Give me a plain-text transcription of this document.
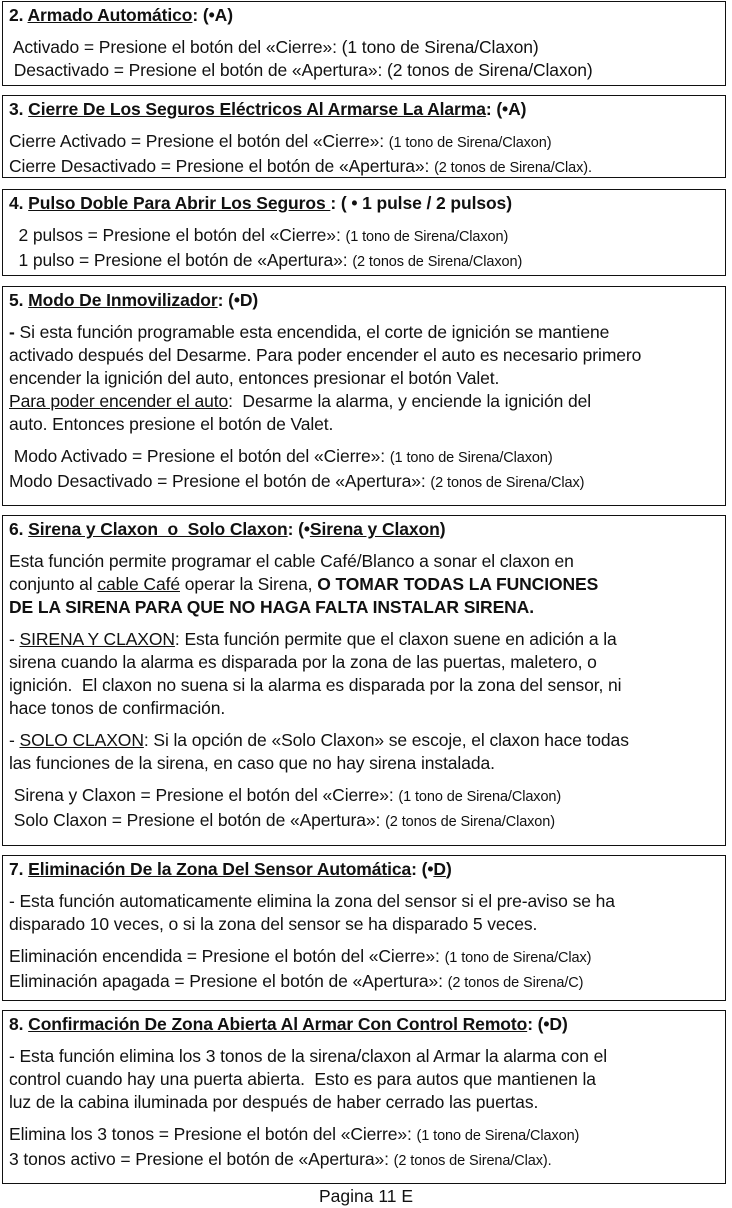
2. Armado Automático: (•A)
Activado = Presione el botón del «Cierre»: (1 tono de Sirena/Claxon)
Desactivado = Presione el botón de «Apertura»: (2 tonos de Sirena/Claxon)
3. Cierre De Los Seguros Eléctricos Al Armarse La Alarma: (•A)
Cierre Activado = Presione el botón del «Cierre»: (1 tono de Sirena/Claxon)
Cierre Desactivado = Presione el botón de «Apertura»: (2 tonos de Sirena/Clax).
4. Pulso Doble Para Abrir Los Seguros : ( • 1 pulse / 2 pulsos)
2 pulsos = Presione el botón del «Cierre»: (1 tono de Sirena/Claxon)
1 pulso = Presione el botón de «Apertura»: (2 tonos de Sirena/Claxon)
5. Modo De Inmovilizador: (•D)
- Si esta función programable esta encendida, el corte de ignición se mantiene
activado después del Desarme. Para poder encender el auto es necesario primero
encender la ignición del auto, entonces presionar el botón Valet.
Para poder encender el auto:  Desarme la alarma, y enciende la ignición del
auto. Entonces presione el botón de Valet.
Modo Activado = Presione el botón del «Cierre»: (1 tono de Sirena/Claxon)
Modo Desactivado = Presione el botón de «Apertura»: (2 tonos de Sirena/Clax)
6. Sirena y Claxon  o  Solo Claxon: (•Sirena y Claxon)
Esta función permite programar el cable Café/Blanco a sonar el claxon en
conjunto al cable Café operar la Sirena, O TOMAR TODAS LA FUNCIONES
DE LA SIRENA PARA QUE NO HAGA FALTA INSTALAR SIRENA.
- SIRENA Y CLAXON: Esta función permite que el claxon suene en adición a la
sirena cuando la alarma es disparada por la zona de las puertas, maletero, o
ignición.  El claxon no suena si la alarma es disparada por la zona del sensor, ni
hace tonos de confirmación.
- SOLO CLAXON: Si la opción de «Solo Claxon» se escoje, el claxon hace todas
las funciones de la sirena, en caso que no hay sirena instalada.
Sirena y Claxon = Presione el botón del «Cierre»: (1 tono de Sirena/Claxon)
Solo Claxon = Presione el botón de «Apertura»: (2 tonos de Sirena/Claxon)
7. Eliminación De la Zona Del Sensor Automática: (•D)
- Esta función automaticamente elimina la zona del sensor si el pre-aviso se ha
disparado 10 veces, o si la zona del sensor se ha disparado 5 veces.
Eliminación encendida = Presione el botón del «Cierre»: (1 tono de Sirena/Clax)
Eliminación apagada = Presione el botón de «Apertura»: (2 tonos de Sirena/C)
8. Confirmación De Zona Abierta Al Armar Con Control Remoto: (•D)
- Esta función elimina los 3 tonos de la sirena/claxon al Armar la alarma con el
control cuando hay una puerta abierta.  Esto es para autos que mantienen la
luz de la cabina iluminada por después de haber cerrado las puertas.
Elimina los 3 tonos = Presione el botón del «Cierre»: (1 tono de Sirena/Claxon)
3 tonos activo = Presione el botón de «Apertura»: (2 tonos de Sirena/Clax).
Pagina 11 E
